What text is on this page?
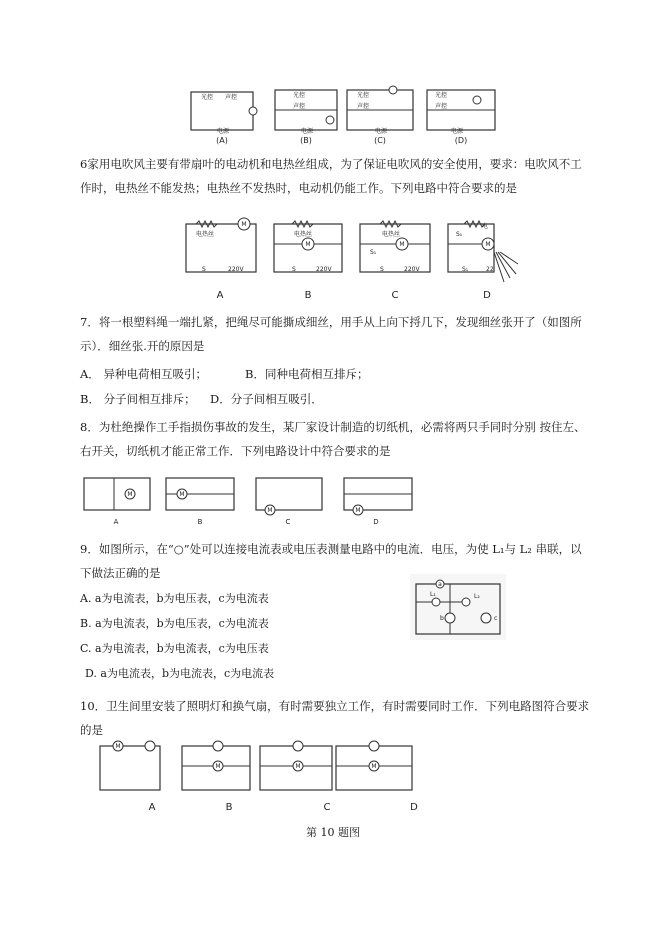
光控 声控
电源
(A)
光控
声控
电源
(B)
光控
声控
电源
(C)
光控
声控
电源
(D)
6家用电吹风主要有带扇叶的电动机和电热丝组成，为了保证电吹风的安全使用，要求：电吹风不工作时，电热丝不能发热；电热丝不发热时，电动机仍能工作。下列电路中符合要求的是
M
电热丝
S	220V
A
M
电热丝
S	220V
B
M
电热丝
S₁
S	220V
C
M
电
S₁
S₁	22
D
7．将一根塑料绳一端扎紧，把绳尽可能撕成细丝，用手从上向下捋几下，发现细丝张开了（如图所示）．细丝张.开的原因是
A． 异种电荷相互吸引；	B．同种电荷相互排斥；
B． 分子间相互排斥； D．分子间相互吸引．
8．为杜绝操作工手指损伤事故的发生，某厂家设计制造的切纸机，必需将两只手同时分别 按住左、右开关，切纸机才能正常工作．下列电路设计中符合要求的是
M
A
M
B
M
C
M
D
9．如图所示，在“○”处可以连接电流表或电压表测量电路中的电流．电压，为使 L₁与 L₂ 串联，以下做法正确的是
A. a为电流表，b为电压表，c为电流表
B. a为电流表，b为电压表，c为电流表
C. a为电流表，b为电流表，c为电压表
D. a为电流表，b为电流表，c为电流表
a
L₁	L₂
b	c
10．卫生间里安装了照明灯和换气扇，有时需要独立工作，有时需要同时工作．下列电路图符合要求的是
M
A
M
B
M
C
M
D
第 10 题图
